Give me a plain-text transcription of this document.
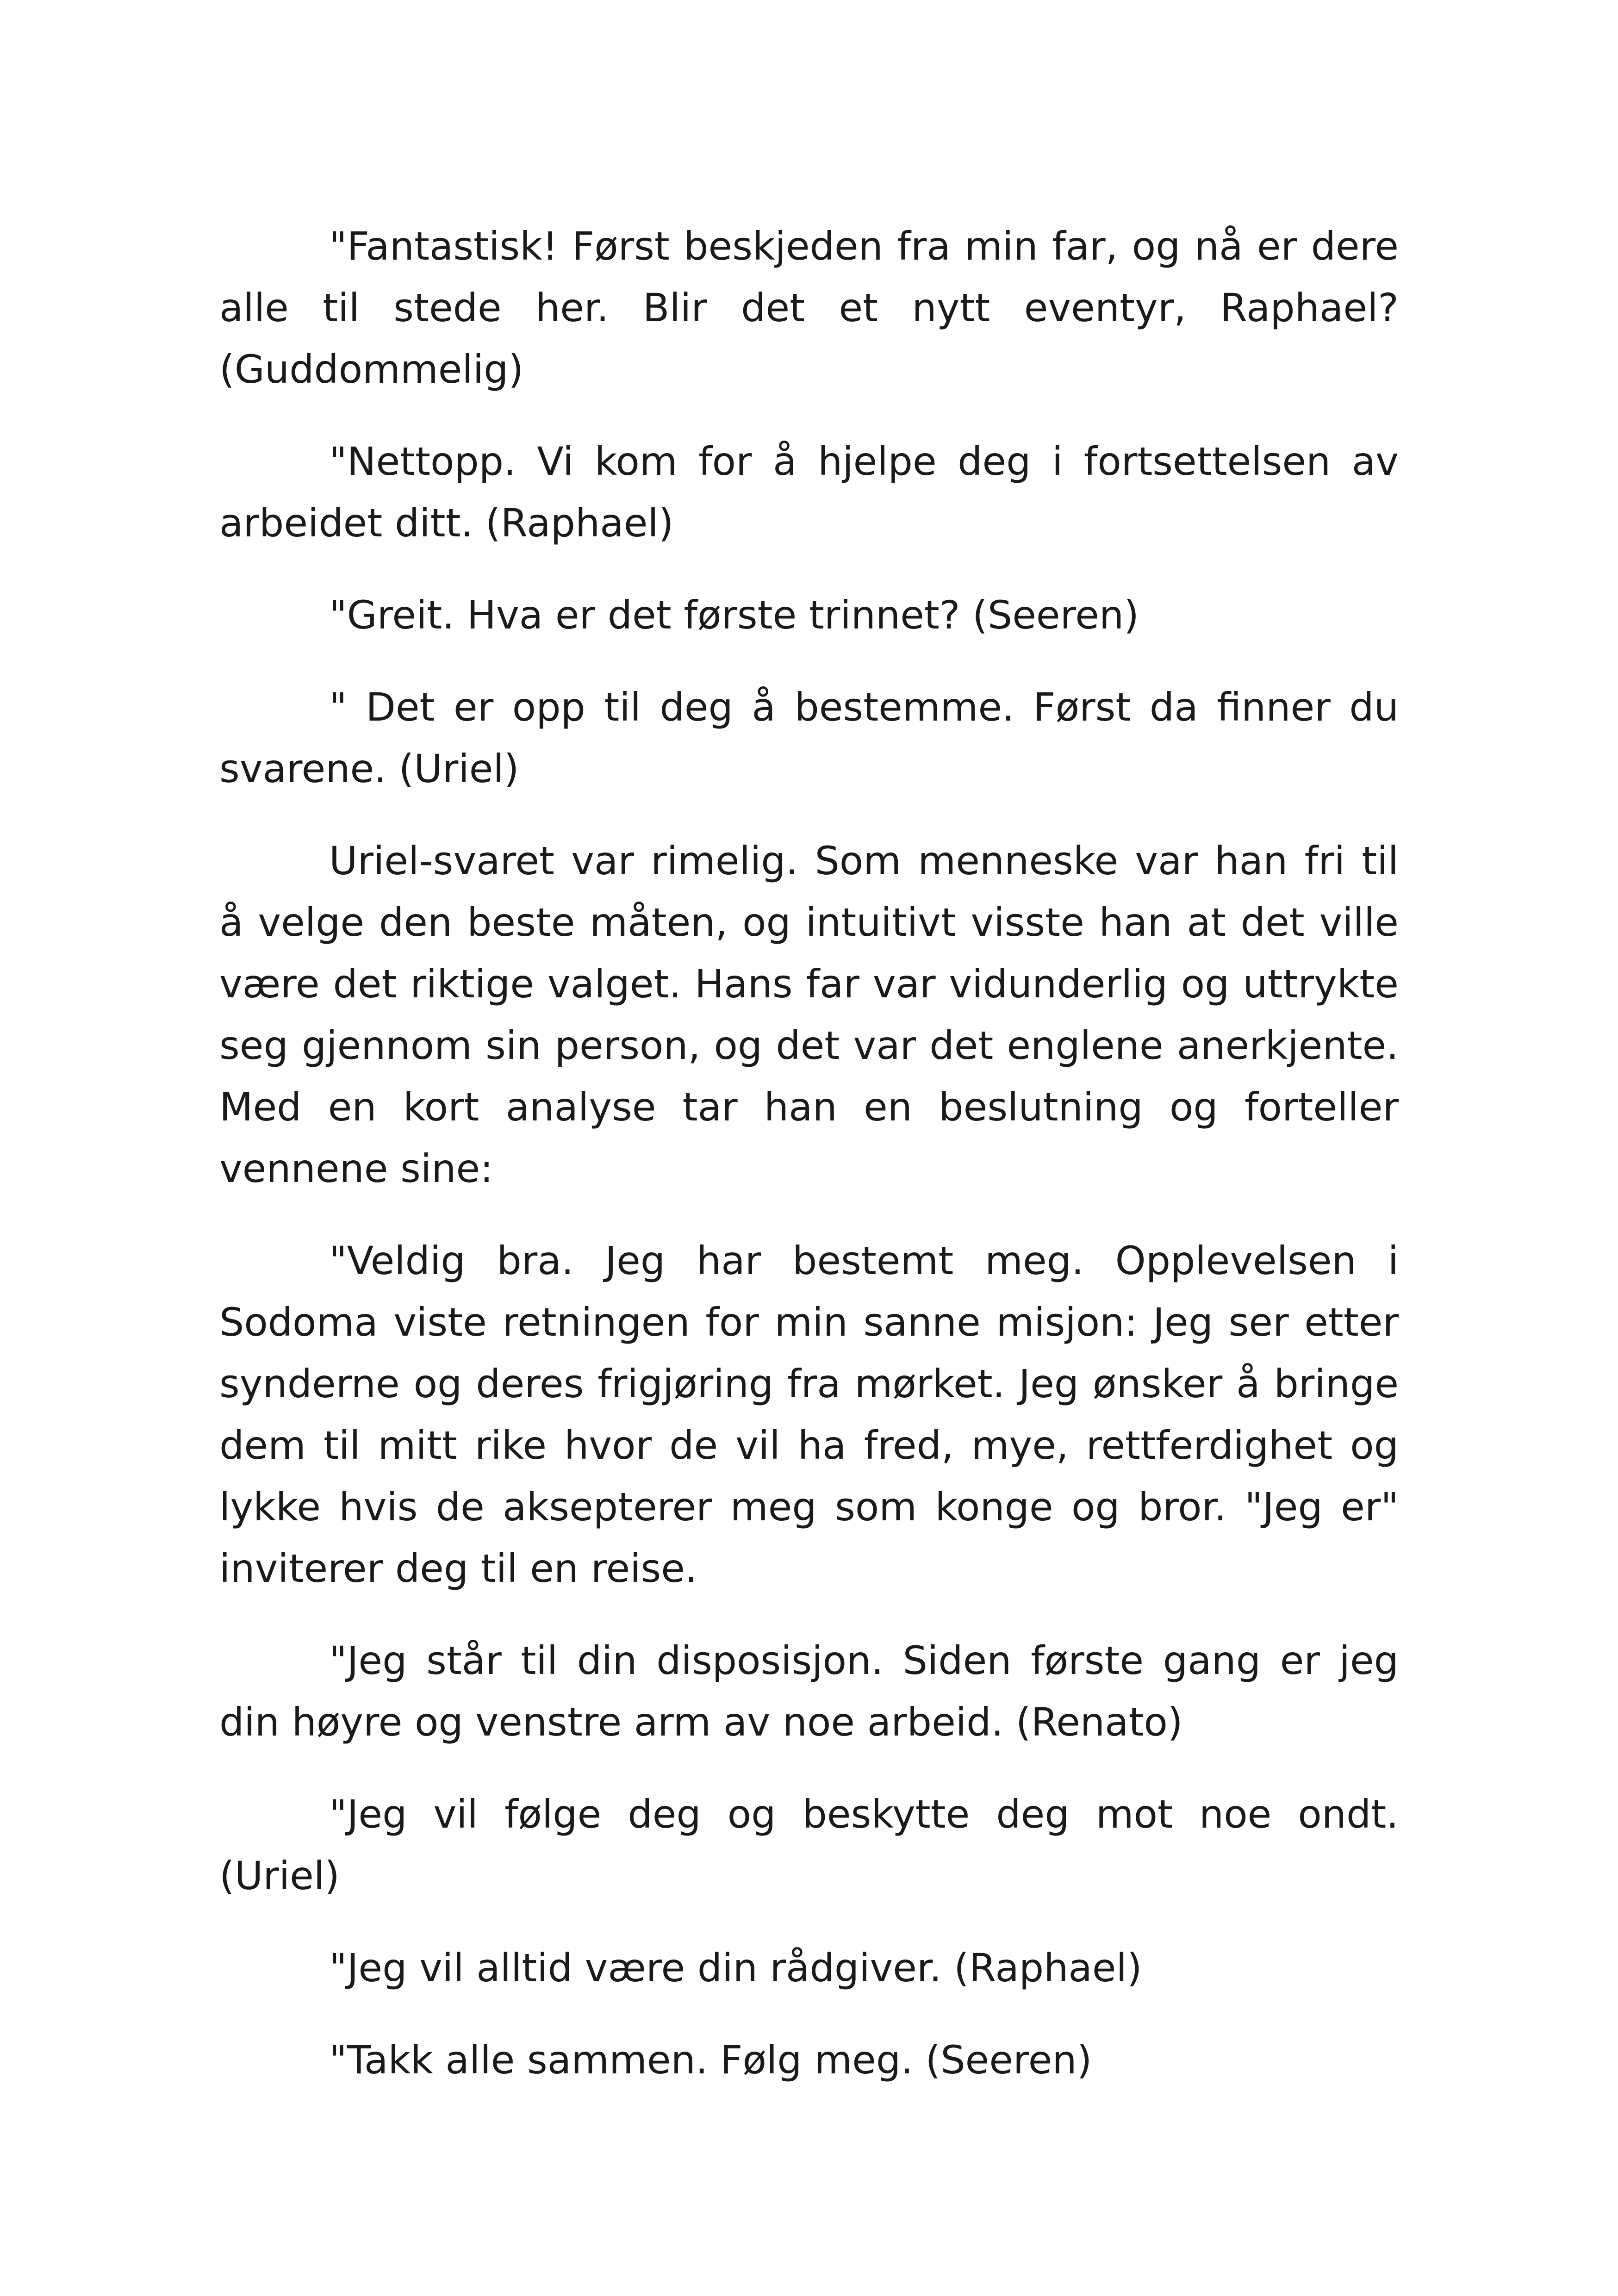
"Fantastisk! Først beskjeden fra min far, og nå er dere alle til stede her. Blir det et nytt eventyr, Raphael? (Guddommelig)

"Nettopp. Vi kom for å hjelpe deg i fortsettelsen av arbeidet ditt. (Raphael)

"Greit. Hva er det første trinnet? (Seeren)

" Det er opp til deg å bestemme. Først da finner du svarene. (Uriel)

Uriel-svaret var rimelig. Som menneske var han fri til å velge den beste måten, og intuitivt visste han at det ville være det riktige valget. Hans far var vidunderlig og uttrykte seg gjennom sin person, og det var det englene anerkjente. Med en kort analyse tar han en beslutning og forteller vennene sine:

"Veldig bra. Jeg har bestemt meg. Opplevelsen i Sodoma viste retningen for min sanne misjon: Jeg ser etter synderne og deres frigjøring fra mørket. Jeg ønsker å bringe dem til mitt rike hvor de vil ha fred, mye, rettferdighet og lykke hvis de aksepterer meg som konge og bror. "Jeg er" inviterer deg til en reise.

"Jeg står til din disposisjon. Siden første gang er jeg din høyre og venstre arm av noe arbeid. (Renato)

"Jeg vil følge deg og beskytte deg mot noe ondt. (Uriel)

"Jeg vil alltid være din rådgiver. (Raphael)

"Takk alle sammen. Følg meg. (Seeren)
